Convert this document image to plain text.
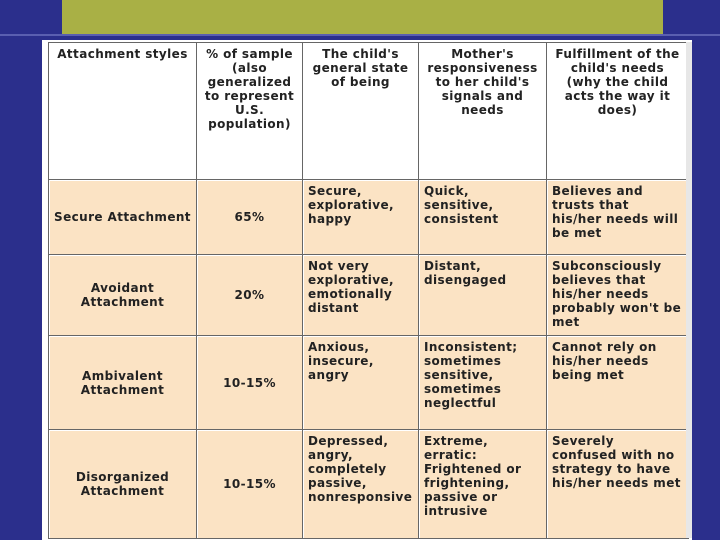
Attachment styles	% of sample (also generalized to represent U.S. population)	The child's general state of being	Mother's responsiveness to her child's signals and needs	Fulfillment of the child's needs (why the child acts the way it does)
Secure Attachment	65%	Secure, explorative, happy	Quick, sensitive, consistent	Believes and trusts that his/her needs will be met
Avoidant Attachment	20%	Not very explorative, emotionally distant	Distant, disengaged	Subconsciously believes that his/her needs probably won't be met
Ambivalent Attachment	10-15%	Anxious, insecure, angry	Inconsistent; sometimes sensitive, sometimes neglectful	Cannot rely on his/her needs being met
Disorganized Attachment	10-15%	Depressed, angry, completely passive, nonresponsive	Extreme, erratic: Frightened or frightening, passive or intrusive	Severely confused with no strategy to have his/her needs met
